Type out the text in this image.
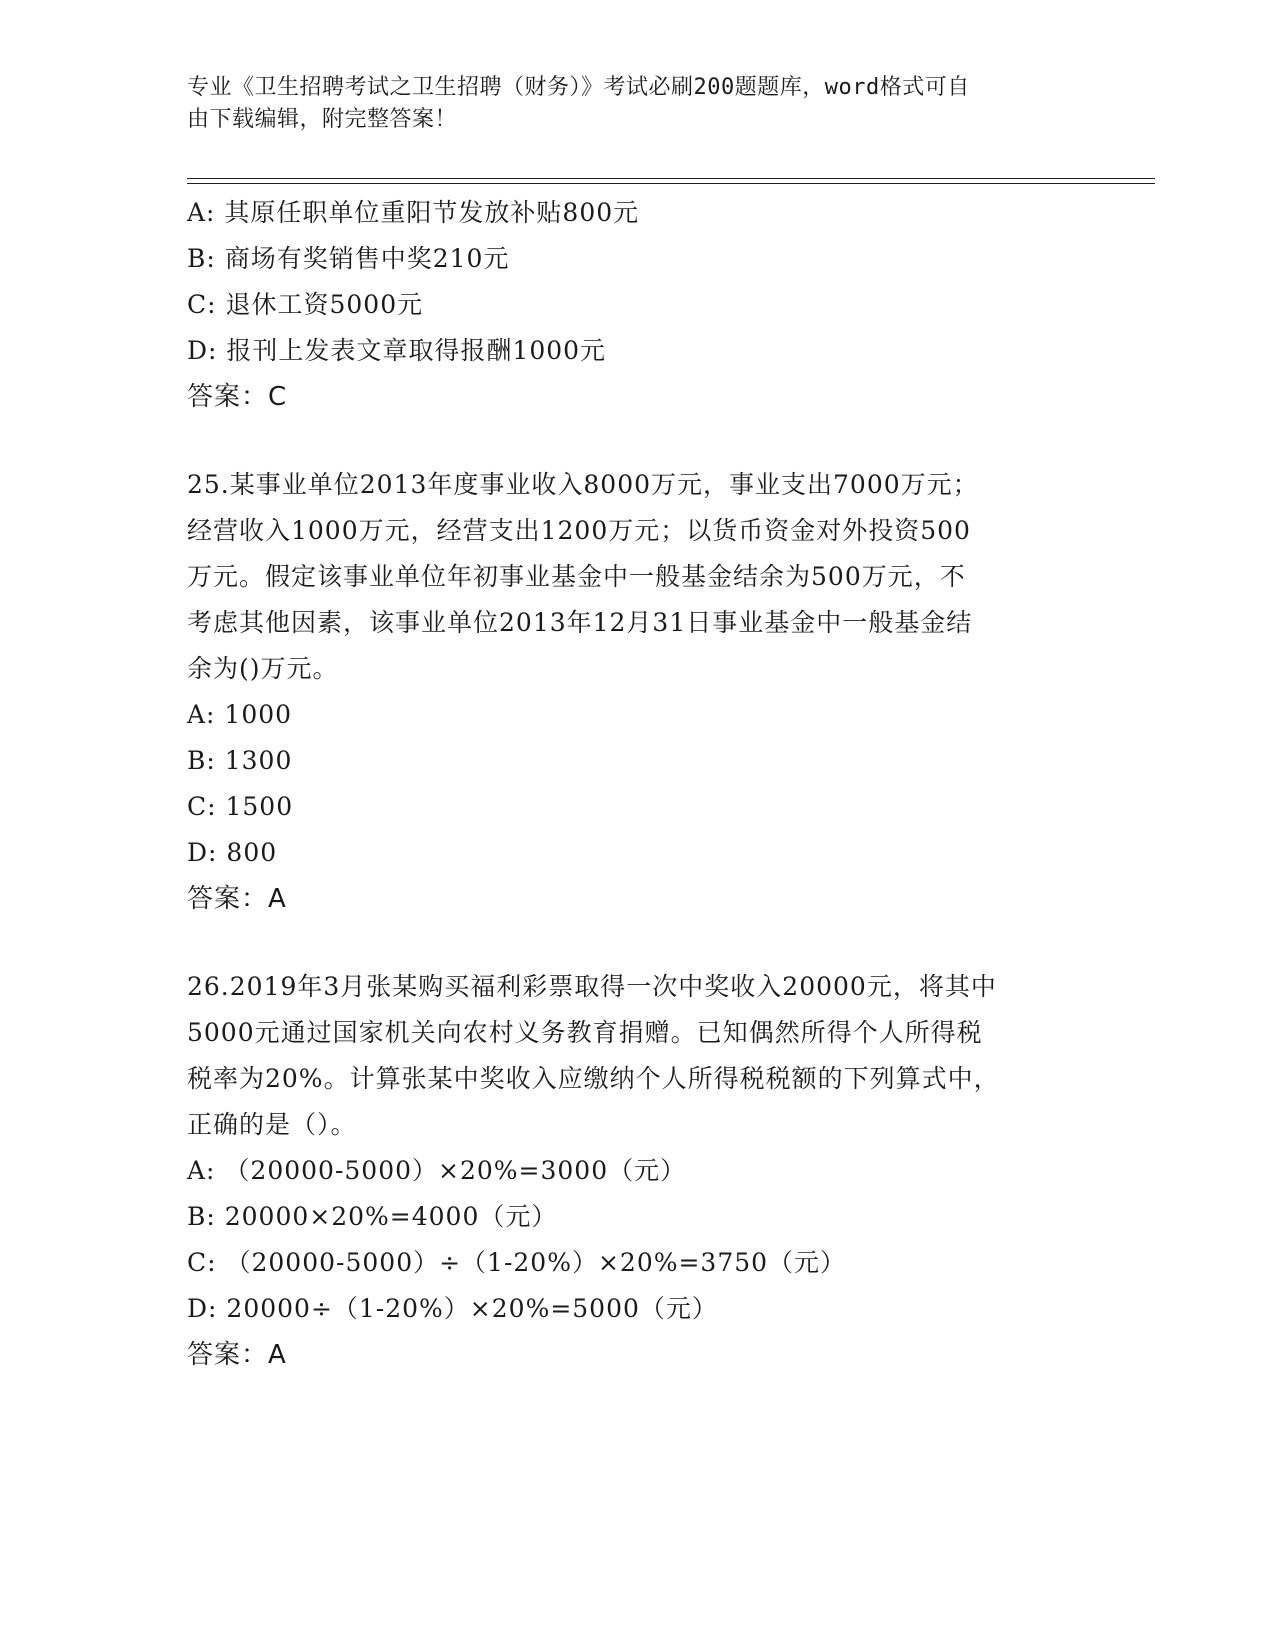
专业《卫生招聘考试之卫生招聘（财务）》考试必刷200题题库，word格式可自
由下载编辑，附完整答案！
A: 其原任职单位重阳节发放补贴800元
B: 商场有奖销售中奖210元
C: 退休工资5000元
D: 报刊上发表文章取得报酬1000元
答案：C
25.某事业单位2013年度事业收入8000万元，事业支出7000万元；
经营收入1000万元，经营支出1200万元；以货币资金对外投资500
万元。假定该事业单位年初事业基金中一般基金结余为500万元，不
考虑其他因素，该事业单位2013年12月31日事业基金中一般基金结
余为()万元。
A: 1000
B: 1300
C: 1500
D: 800
答案：A
26.2019年3月张某购买福利彩票取得一次中奖收入20000元，将其中
5000元通过国家机关向农村义务教育捐赠。已知偶然所得个人所得税
税率为20%。计算张某中奖收入应缴纳个人所得税税额的下列算式中，
正确的是（）。
A: （20000-5000）×20%=3000（元）
B: 20000×20%=4000（元）
C: （20000-5000）÷（1-20%）×20%=3750（元）
D: 20000÷（1-20%）×20%=5000（元）
答案：A
